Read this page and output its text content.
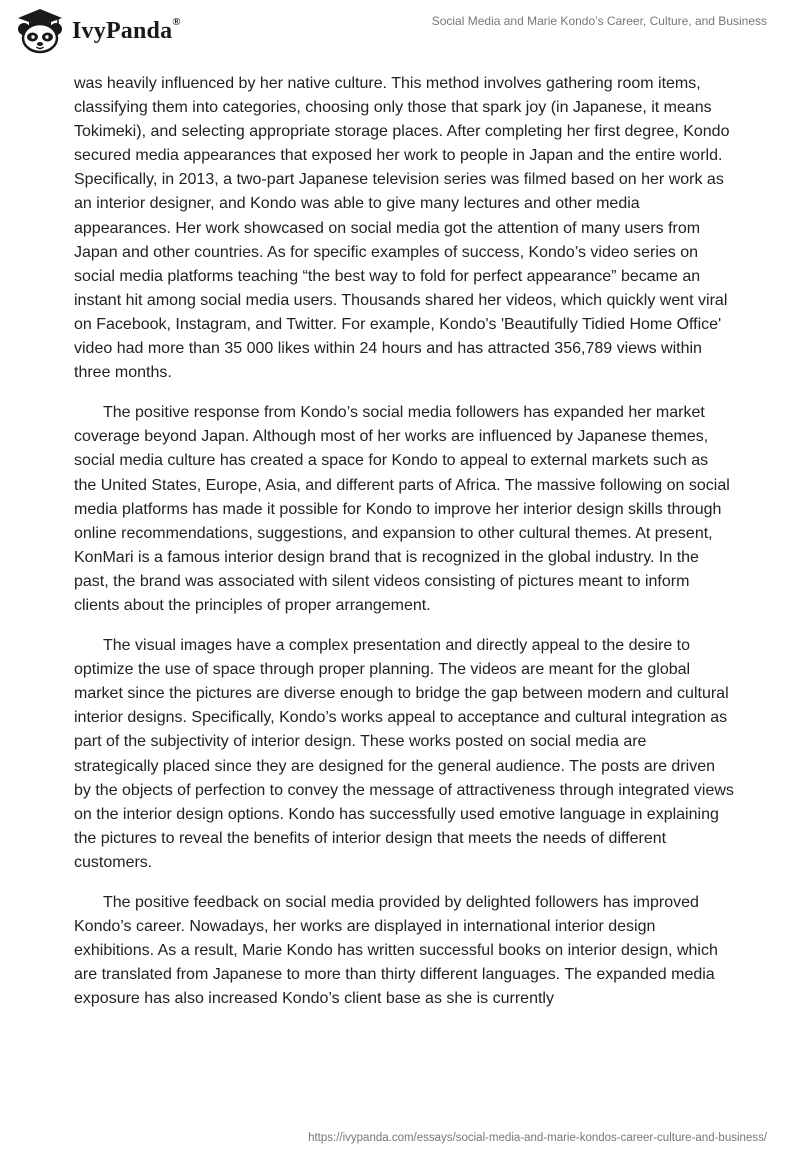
IvyPanda®	Social Media and Marie Kondo’s Career, Culture, and Business

was heavily influenced by her native culture. This method involves gathering room items, classifying them into categories, choosing only those that spark joy (in Japanese, it means Tokimeki), and selecting appropriate storage places. After completing her first degree, Kondo secured media appearances that exposed her work to people in Japan and the entire world. Specifically, in 2013, a two-part Japanese television series was filmed based on her work as an interior designer, and Kondo was able to give many lectures and other media appearances. Her work showcased on social media got the attention of many users from Japan and other countries. As for specific examples of success, Kondo’s video series on social media platforms teaching “the best way to fold for perfect appearance” became an instant hit among social media users. Thousands shared her videos, which quickly went viral on Facebook, Instagram, and Twitter. For example, Kondo's 'Beautifully Tidied Home Office' video had more than 35 000 likes within 24 hours and has attracted 356,789 views within three months.

The positive response from Kondo’s social media followers has expanded her market coverage beyond Japan. Although most of her works are influenced by Japanese themes, social media culture has created a space for Kondo to appeal to external markets such as the United States, Europe, Asia, and different parts of Africa. The massive following on social media platforms has made it possible for Kondo to improve her interior design skills through online recommendations, suggestions, and expansion to other cultural themes. At present, KonMari is a famous interior design brand that is recognized in the global industry. In the past, the brand was associated with silent videos consisting of pictures meant to inform clients about the principles of proper arrangement.

The visual images have a complex presentation and directly appeal to the desire to optimize the use of space through proper planning. The videos are meant for the global market since the pictures are diverse enough to bridge the gap between modern and cultural interior designs. Specifically, Kondo’s works appeal to acceptance and cultural integration as part of the subjectivity of interior design. These works posted on social media are strategically placed since they are designed for the general audience. The posts are driven by the objects of perfection to convey the message of attractiveness through integrated views on the interior design options. Kondo has successfully used emotive language in explaining the pictures to reveal the benefits of interior design that meets the needs of different customers.

The positive feedback on social media provided by delighted followers has improved Kondo’s career. Nowadays, her works are displayed in international interior design exhibitions. As a result, Marie Kondo has written successful books on interior design, which are translated from Japanese to more than thirty different languages. The expanded media exposure has also increased Kondo’s client base as she is currently

https://ivypanda.com/essays/social-media-and-marie-kondos-career-culture-and-business/
